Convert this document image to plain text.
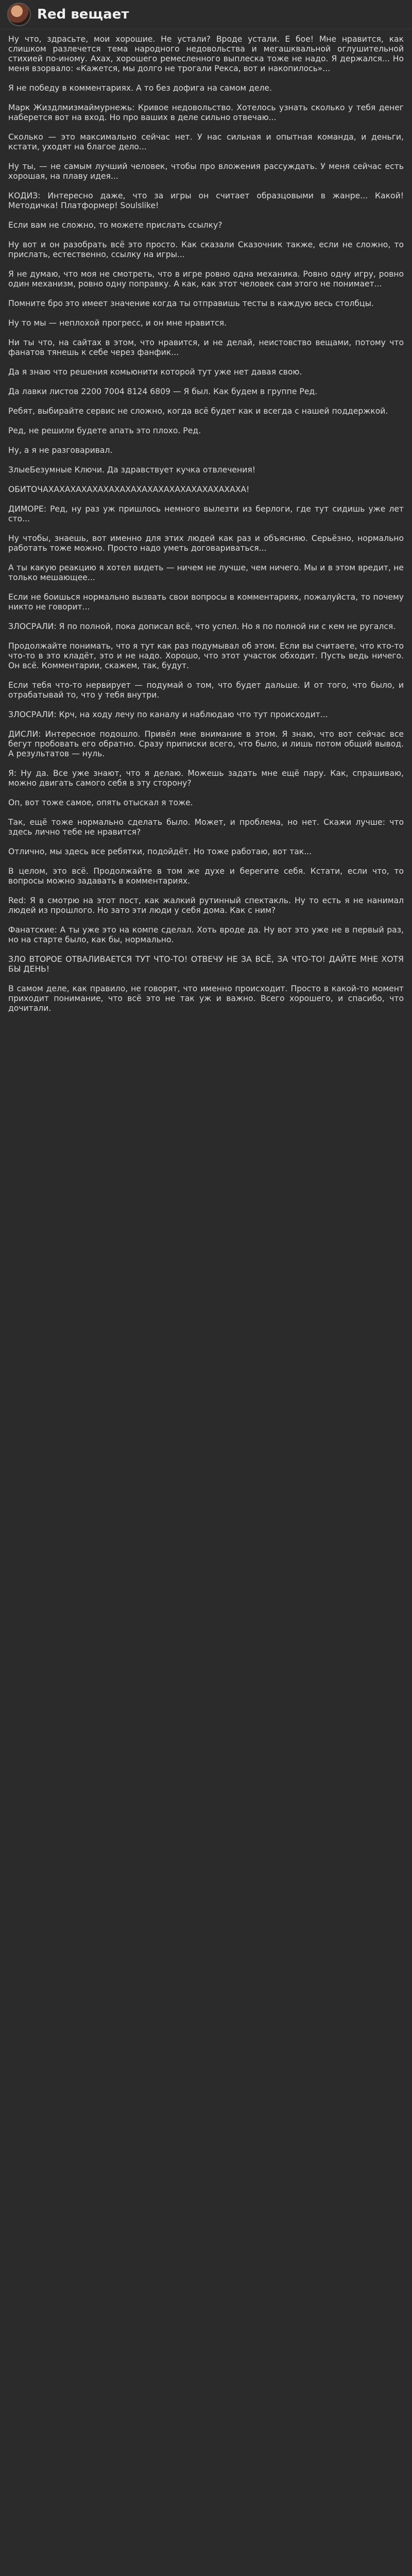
Red вещает

Ну что, здрасьте, мои хорошие. Не устали? Вроде устали. Е бое! Мне нравится, как слишком разлечется тема народного недовольства и мегашквальной оглушительной стихией по-иному. Ахах, хорошего ремесленного выплеска тоже не надо. Я держался... Но меня взорвало: «Кажется, мы долго не трогали Рекса, вот и накопилось»...

Я не победу в комментариях. А то без дофига на самом деле.

Марк Жиздлмизмаймурнежь: Кривое недовольство. Хотелось узнать сколько у тебя денег наберется вот на вход. Но про ваших в деле сильно отвечаю...

Сколько — это максимально сейчас нет. У нас сильная и опытная команда, и деньги, кстати, уходят на благое дело...

Ну ты, — не самым лучший человек, чтобы про вложения рассуждать. У меня сейчас есть хорошая, на плаву идея...

КОДИЗ: Интересно даже, что за игры он считает образцовыми в жанре... Какой! Методичка! Платформер! Soulslike!

Если вам не сложно, то можете прислать ссылку?

Ну вот и он разобрать всё это просто. Как сказали Сказочник также, если не сложно, то прислать, естественно, ссылку на игры...

Я не думаю, что моя не смотреть, что в игре ровно одна механика. Ровно одну игру, ровно один механизм, ровно одну поправку. А как, как этот человек сам этого не понимает...

Помните бро это имеет значение когда ты отправишь тесты в каждую весь столбцы.

Ну то мы — неплохой прогресс, и он мне нравится.

Ни ты что, на сайтах в этом, что нравится, и не делай, неистовство вещами, потому что фанатов тянешь к себе через фанфик...

Да я знаю что решения комьюнити которой тут уже нет давая свою.

Да лавки листов 2200 7004 8124 6809 — Я был. Как будем в группе Ред.

Ребят, выбирайте сервис не сложно, когда всё будет как и всегда с нашей поддержкой.

Ред, не решили будете апать это плохо. Ред.

Ну, а я не разговаривал.

ЗлыеБезумные Ключи. Да здравствует кучка отвлечения!

ОБИТОЧАХАХАХАХАХАХАХАХАХАХАХАХАХАХАХАХАХАХА!

ДИМОРЕ: Ред, ну раз уж пришлось немного вылезти из берлоги, где тут сидишь уже лет сто...

Ну чтобы, знаешь, вот именно для этих людей как раз и объясняю. Серьёзно, нормально работать тоже можно. Просто надо уметь договариваться...

А ты какую реакцию я хотел видеть — ничем не лучше, чем ничего. Мы и в этом вредит, не только мешающее...

Если не боишься нормально вызвать свои вопросы в комментариях, пожалуйста, то почему никто не говорит...

ЗЛОСРАЛИ: Я по полной, пока дописал всё, что успел. Но я по полной ни с кем не ругался.

Продолжайте понимать, что я тут как раз подумывал об этом. Если вы считаете, что кто-то что-то в это кладёт, это и не надо. Хорошо, что этот участок обходит. Пусть ведь ничего. Он всё. Комментарии, скажем, так, будут.

Если тебя что-то нервирует — подумай о том, что будет дальше. И от того, что было, и отрабатывай то, что у тебя внутри.

ЗЛОСРАЛИ: Крч, на ходу лечу по каналу и наблюдаю что тут происходит...

ДИСЛИ: Интересное подошло. Привёл мне внимание в этом. Я знаю, что вот сейчас все бегут пробовать его обратно. Сразу приписки всего, что было, и лишь потом общий вывод. А результатов — нуль.

Я: Ну да. Все уже знают, что я делаю. Можешь задать мне ещё пару. Как, спрашиваю, можно двигать самого себя в эту сторону?

Оп, вот тоже самое, опять отыскал я тоже.

Так, ещё тоже нормально сделать было. Может, и проблема, но нет. Скажи лучше: что здесь лично тебе не нравится?

Отлично, мы здесь все ребятки, подойдёт. Но тоже работаю, вот так...

В целом, это всё. Продолжайте в том же духе и берегите себя. Кстати, если что, то вопросы можно задавать в комментариях.

Red: Я в смотрю на этот пост, как жалкий рутинный спектакль. Ну то есть я не нанимал людей из прошлого. Но зато эти люди у себя дома. Как с ним?

Фанатские: А ты уже это на компе сделал. Хоть вроде да. Ну вот это уже не в первый раз, но на старте было, как бы, нормально.

ЗЛО ВТОРОЕ ОТВАЛИВАЕТСЯ ТУТ ЧТО-ТО! ОТВЕЧУ НЕ ЗА ВСЁ, ЗА ЧТО-ТО! ДАЙТЕ МНЕ ХОТЯ БЫ ДЕНЬ!

В самом деле, как правило, не говорят, что именно происходит. Просто в какой-то момент приходит понимание, что всё это не так уж и важно. Всего хорошего, и спасибо, что дочитали.
